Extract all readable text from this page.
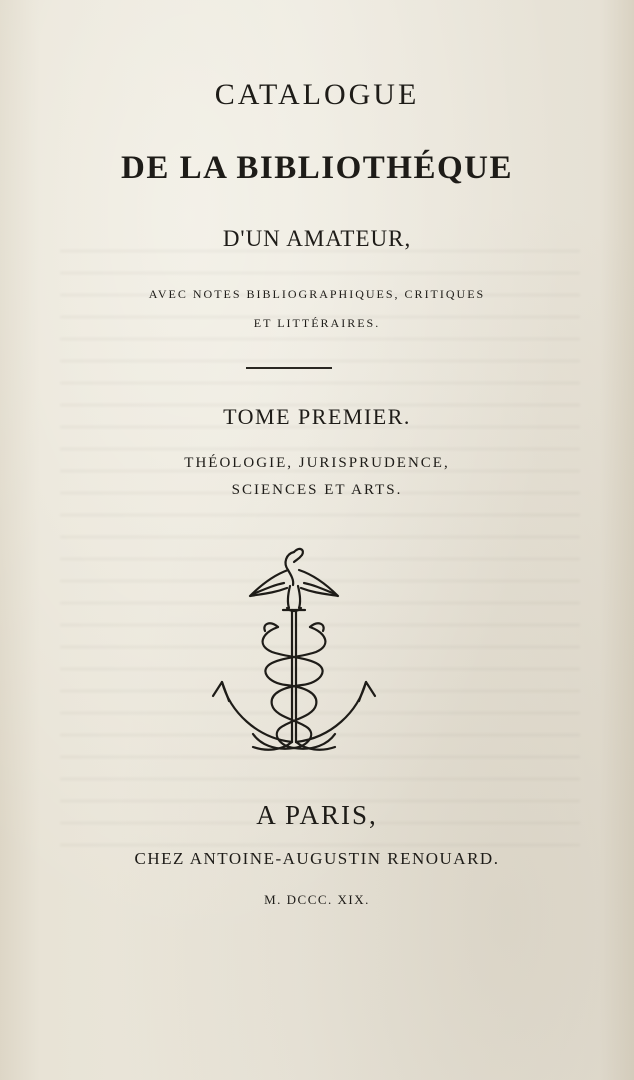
CATALOGUE
DE LA BIBLIOTHÉQUE
D'UN AMATEUR,
AVEC NOTES BIBLIOGRAPHIQUES, CRITIQUES
ET LITTÉRAIRES.
TOME PREMIER.
THÉOLOGIE, JURISPRUDENCE,
SCIENCES ET ARTS.
A PARIS,
CHEZ ANTOINE-AUGUSTIN RENOUARD.
M. DCCC. XIX.
